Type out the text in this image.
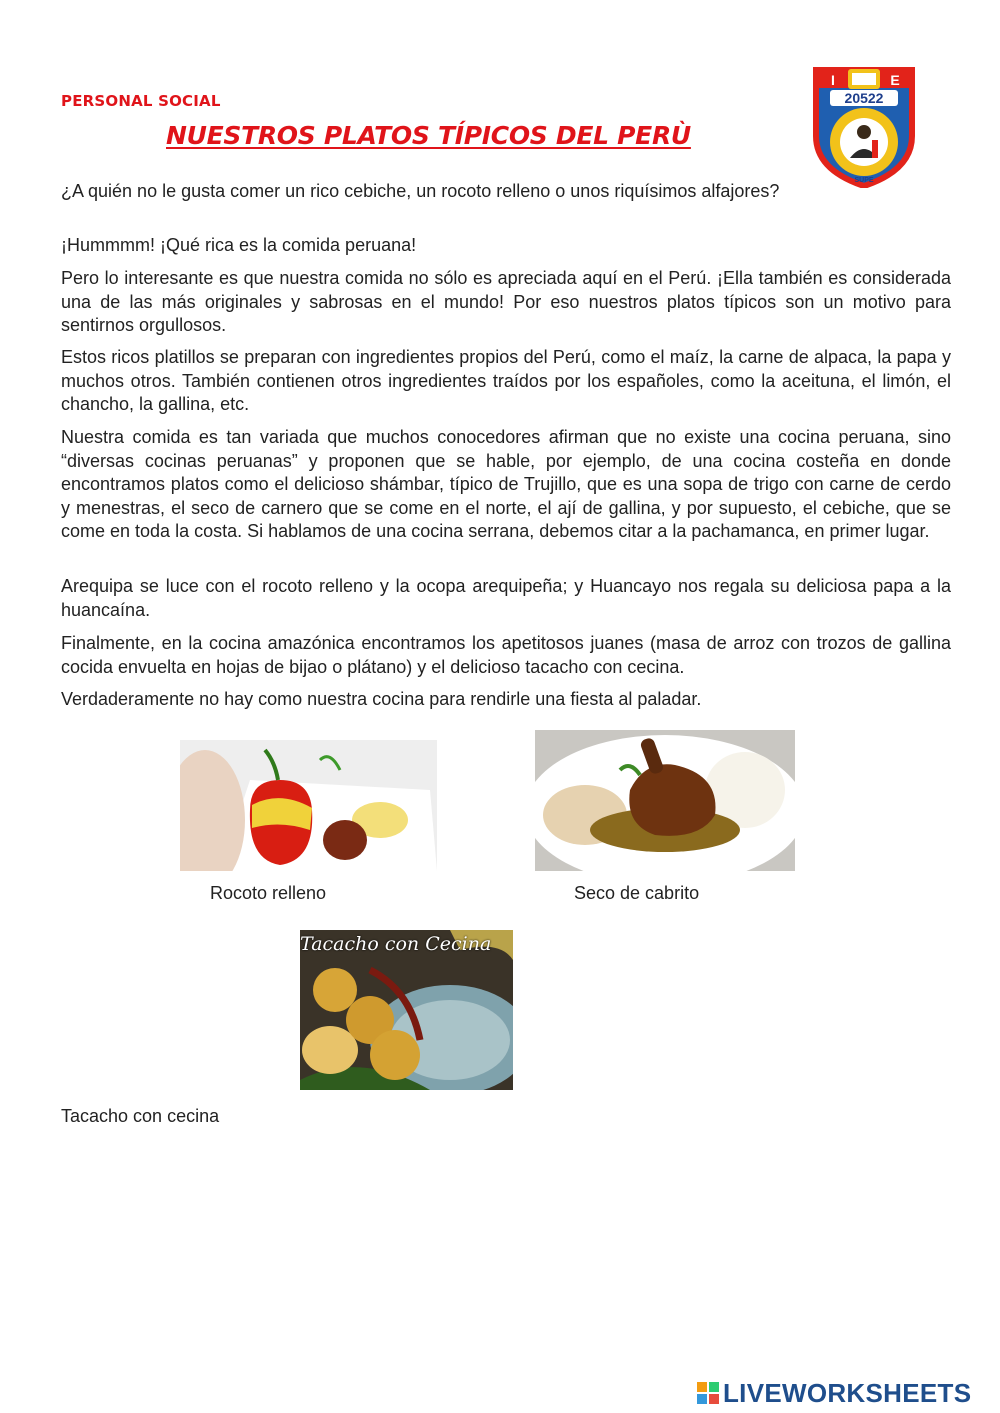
PERSONAL SOCIAL
NUESTROS PLATOS TÍPICOS DEL PERÙ
I	E
20522
SUPE

¿A quién no le gusta comer un rico cebiche, un rocoto relleno o unos riquísimos alfajores?

¡Hummmm! ¡Qué rica es la comida peruana!

Pero lo interesante es que nuestra comida no sólo es apreciada aquí en el Perú. ¡Ella también es considerada una de las más originales y sabrosas en el mundo! Por eso nuestros platos típicos son un motivo para sentirnos orgullosos.

Estos ricos platillos se preparan con ingredientes propios del Perú, como el maíz, la carne de alpaca, la papa y muchos otros. También contienen otros ingredientes traídos por los españoles, como la aceituna, el limón, el chancho, la gallina, etc.

Nuestra comida es tan variada que muchos conocedores afirman que no existe una cocina peruana, sino “diversas cocinas peruanas” y proponen que se hable, por ejemplo, de una cocina costeña en donde encontramos platos como el delicioso shámbar, típico de Trujillo, que es una sopa de trigo con carne de cerdo y menestras, el seco de carnero que se come en el norte, el ají de gallina, y por supuesto, el cebiche, que se come en toda la costa. Si hablamos de una cocina serrana, debemos citar a la pachamanca, en primer lugar.

Arequipa se luce con el rocoto relleno y la ocopa arequipeña; y Huancayo nos regala su deliciosa papa a la huancaína.

Finalmente, en la cocina amazónica encontramos los apetitosos juanes (masa de arroz con trozos de gallina cocida envuelta en hojas de bijao o plátano) y el delicioso tacacho con cecina.

Verdaderamente no hay como nuestra cocina para rendirle una fiesta al paladar.

Rocoto relleno	Seco de cabrito
Tacacho con Cecina
Tacacho con cecina
LIVEWORKSHEETS
